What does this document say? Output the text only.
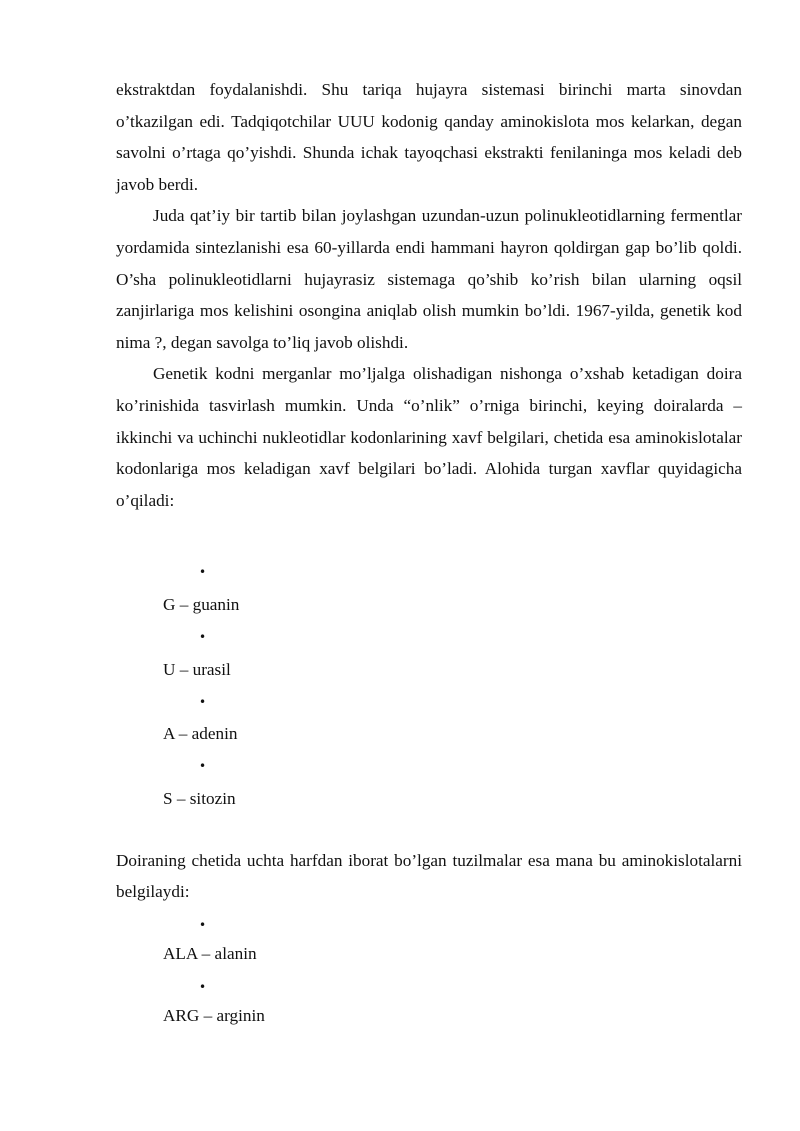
ekstraktdan foydalanishdi. Shu tariqa hujayra sistemasi birinchi marta sinovdan o’tkazilgan edi. Tadqiqotchilar UUU kodonig qanday aminokislota mos kelarkan, degan savolni o’rtaga qo’yishdi. Shunda ichak tayoqchasi ekstrakti fenilaninga mos keladi deb javob berdi.

Juda qat’iy bir tartib bilan joylashgan uzundan-uzun polinukleotidlarning fermentlar yordamida sintezlanishi esa 60-yillarda endi hammani hayron qoldirgan gap bo’lib qoldi. O’sha polinukleotidlarni hujayrasiz sistemaga qo’shib ko’rish bilan ularning oqsil zanjirlariga mos kelishini osongina aniqlab olish mumkin bo’ldi. 1967-yilda, genetik kod nima ?, degan savolga to’liq javob olishdi.

Genetik kodni merganlar mo’ljalga olishadigan nishonga o’xshab ketadigan doira ko’rinishida tasvirlash mumkin. Unda “o’nlik” o’rniga birinchi, keying doiralarda – ikkinchi va uchinchi nukleotidlar kodonlarining xavf belgilari, chetida esa aminokislotalar kodonlariga mos keladigan xavf belgilari bo’ladi. Alohida turgan xavflar quyidagicha o’qiladi:

•
G – guanin
•
U – urasil
•
A – adenin
•
S – sitozin

Doiraning chetida uchta harfdan iborat bo’lgan tuzilmalar esa mana bu aminokislotalarni belgilaydi:

•
ALA – alanin
•
ARG – arginin
